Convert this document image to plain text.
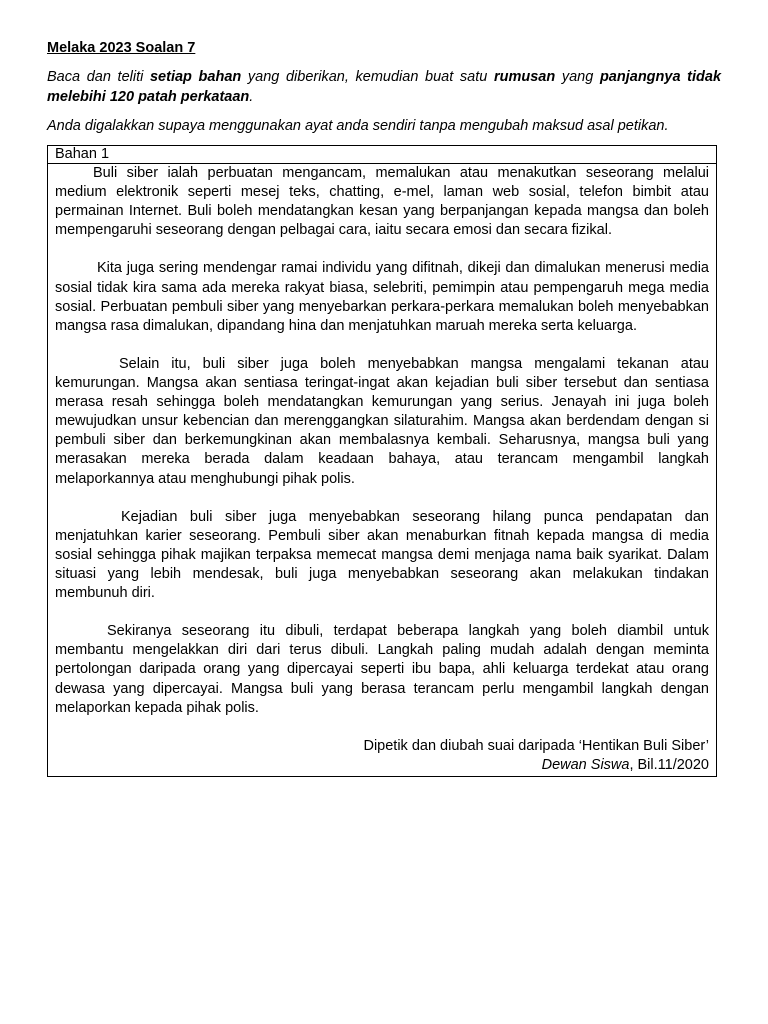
Melaka 2023 Soalan 7
Baca dan teliti setiap bahan yang diberikan, kemudian buat satu rumusan yang panjangnya tidak melebihi 120 patah perkataan.
Anda digalakkan supaya menggunakan ayat anda sendiri tanpa mengubah maksud asal petikan.
Bahan 1

Buli siber ialah perbuatan mengancam, memalukan atau menakutkan seseorang melalui medium elektronik seperti mesej teks, chatting, e-mel, laman web sosial, telefon bimbit atau permainan Internet. Buli boleh mendatangkan kesan yang berpanjangan kepada mangsa dan boleh mempengaruhi seseorang dengan pelbagai cara, iaitu secara emosi dan secara fizikal.

Kita juga sering mendengar ramai individu yang difitnah, dikeji dan dimalukan menerusi media sosial tidak kira sama ada mereka rakyat biasa, selebriti, pemimpin atau pempengaruh mega media sosial. Perbuatan pembuli siber yang menyebarkan perkara-perkara memalukan boleh menyebabkan mangsa rasa dimalukan, dipandang hina dan menjatuhkan maruah mereka serta keluarga.

Selain itu, buli siber juga boleh menyebabkan mangsa mengalami tekanan atau kemurungan. Mangsa akan sentiasa teringat-ingat akan kejadian buli siber tersebut dan sentiasa merasa resah sehingga boleh mendatangkan kemurungan yang serius. Jenayah ini juga boleh mewujudkan unsur kebencian dan merenggangkan silaturahim. Mangsa akan berdendam dengan si pembuli siber dan berkemungkinan akan membalasnya kembali. Seharusnya, mangsa buli yang merasakan mereka berada dalam keadaan bahaya, atau terancam mengambil langkah melaporkannya atau menghubungi pihak polis.

Kejadian buli siber juga menyebabkan seseorang hilang punca pendapatan dan menjatuhkan karier seseorang. Pembuli siber akan menaburkan fitnah kepada mangsa di media sosial sehingga pihak majikan terpaksa memecat mangsa demi menjaga nama baik syarikat. Dalam situasi yang lebih mendesak, buli juga menyebabkan seseorang akan melakukan tindakan membunuh diri.

Sekiranya seseorang itu dibuli, terdapat beberapa langkah yang boleh diambil untuk membantu mengelakkan diri dari terus dibuli. Langkah paling mudah adalah dengan meminta pertolongan daripada orang yang dipercayai seperti ibu bapa, ahli keluarga terdekat atau orang dewasa yang dipercayai. Mangsa buli yang berasa terancam perlu mengambil langkah dengan melaporkan kepada pihak polis.

Dipetik dan diubah suai daripada ‘Hentikan Buli Siber’
Dewan Siswa, Bil.11/2020
